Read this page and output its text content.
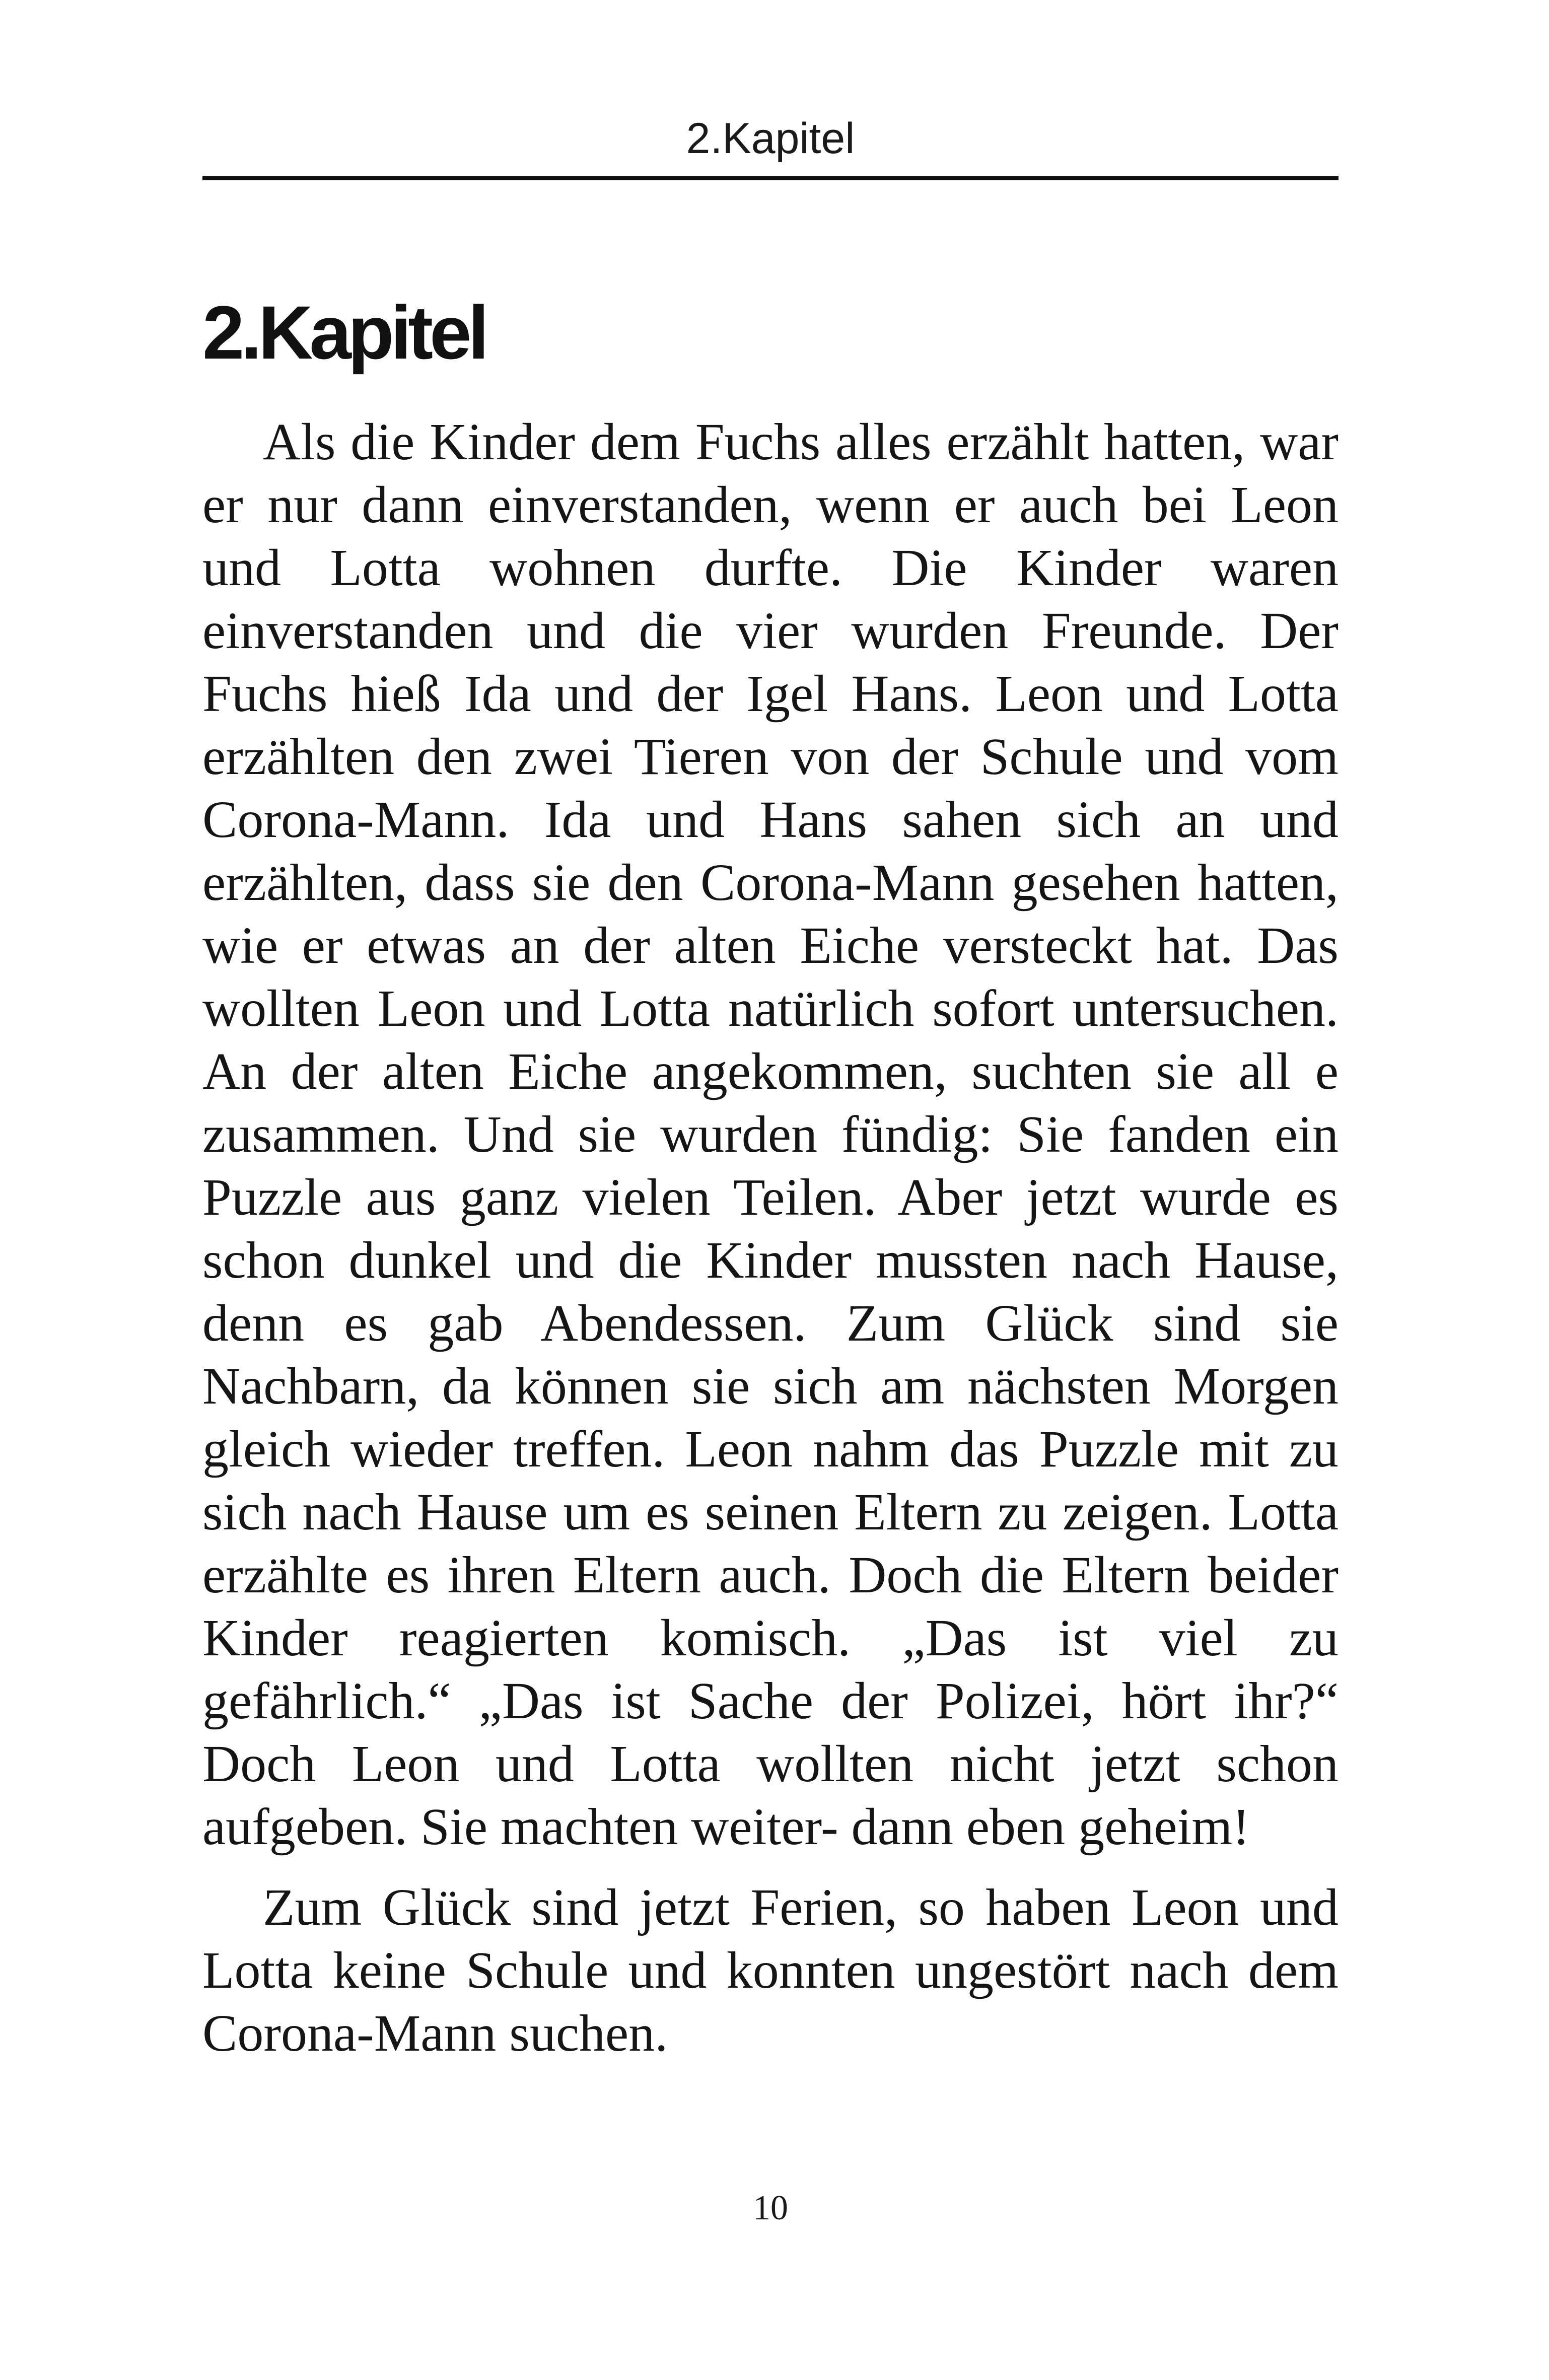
2.Kapitel
2.Kapitel

Als die Kinder dem Fuchs alles erzählt hatten, war er nur dann einverstanden, wenn er auch bei Leon und Lotta wohnen durfte. Die Kinder waren einverstanden und die vier wurden Freunde. Der Fuchs hieß Ida und der Igel Hans. Leon und Lotta erzählten den zwei Tieren von der Schule und vom Corona-Mann. Ida und Hans sahen sich an und erzählten, dass sie den Corona-Mann gesehen hatten, wie er etwas an der alten Eiche versteckt hat. Das wollten Leon und Lotta natürlich sofort untersuchen. An der alten Eiche angekommen, suchten sie all e zusammen. Und sie wurden fündig: Sie fanden ein Puzzle aus ganz vielen Teilen. Aber jetzt wurde es schon dunkel und die Kinder mussten nach Hause, denn es gab Abendessen. Zum Glück sind sie Nachbarn, da können sie sich am nächsten Morgen gleich wieder treffen. Leon nahm das Puzzle mit zu sich nach Hause um es seinen Eltern zu zeigen. Lotta erzählte es ihren Eltern auch. Doch die Eltern beider Kinder reagierten komisch. „Das ist viel zu gefährlich.“ „Das ist Sache der Polizei, hört ihr?“ Doch Leon und Lotta wollten nicht jetzt schon aufgeben. Sie machten weiter- dann eben geheim!

Zum Glück sind jetzt Ferien, so haben Leon und Lotta keine Schule und konnten ungestört nach dem Corona-Mann suchen.

10
